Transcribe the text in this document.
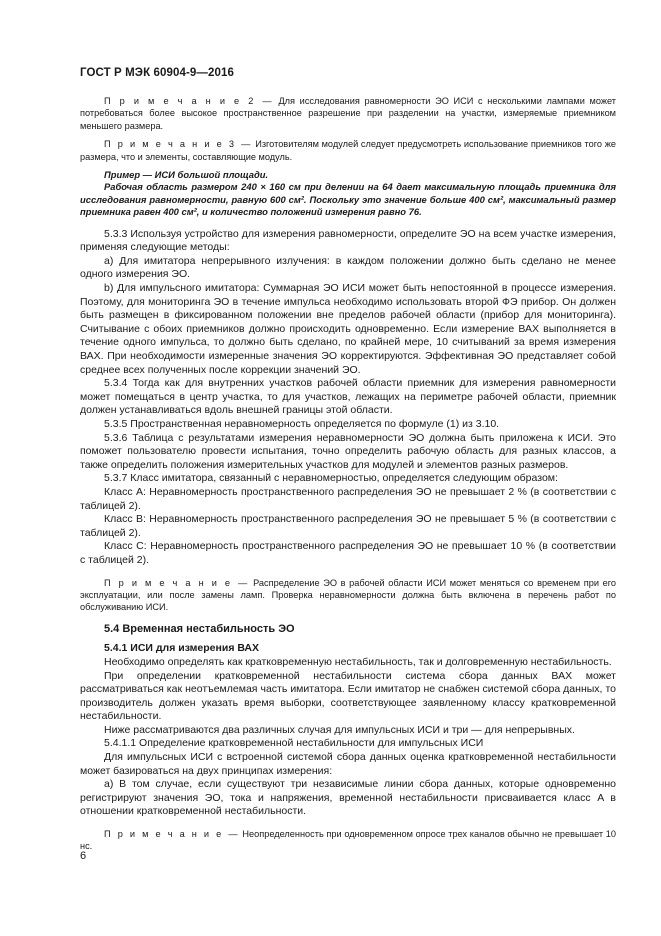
ГОСТ Р МЭК 60904-9—2016

П р и м е ч а н и е 2 — Для исследования равномерности ЭО ИСИ с несколькими лампами может потребоваться более высокое пространственное разрешение при разделении на участки, измеряемые приемником меньшего размера.

П р и м е ч а н и е 3 — Изготовителям модулей следует предусмотреть использование приемников того же размера, что и элементы, составляющие модуль.

Пример — ИСИ большой площади.

Рабочая область размером 240 × 160 см при делении на 64 дает максимальную площадь приемника для исследования равномерности, равную 600 см². Поскольку это значение больше 400 см², максимальный размер приемника равен 400 см², и количество положений измерения равно 76.

5.3.3 Используя устройство для измерения равномерности, определите ЭО на всем участке измерения, применяя следующие методы:

a) Для имитатора непрерывного излучения: в каждом положении должно быть сделано не менее одного измерения ЭО.

b) Для импульсного имитатора: Суммарная ЭО ИСИ может быть непостоянной в процессе измерения. Поэтому, для мониторинга ЭО в течение импульса необходимо использовать второй ФЭ прибор. Он должен быть размещен в фиксированном положении вне пределов рабочей области (прибор для мониторинга). Считывание с обоих приемников должно происходить одновременно. Если измерение ВАХ выполняется в течение одного импульса, то должно быть сделано, по крайней мере, 10 считываний за время измерения ВАХ. При необходимости измеренные значения ЭО корректируются. Эффективная ЭО представляет собой среднее всех полученных после коррекции значений ЭО.

5.3.4 Тогда как для внутренних участков рабочей области приемник для измерения равномерности может помещаться в центр участка, то для участков, лежащих на периметре рабочей области, приемник должен устанавливаться вдоль внешней границы этой области.

5.3.5 Пространственная неравномерность определяется по формуле (1) из 3.10.

5.3.6 Таблица с результатами измерения неравномерности ЭО должна быть приложена к ИСИ. Это поможет пользователю провести испытания, точно определить рабочую область для разных классов, а также определить положения измерительных участков для модулей и элементов разных размеров.

5.3.7 Класс имитатора, связанный с неравномерностью, определяется следующим образом:

Класс A: Неравномерность пространственного распределения ЭО не превышает 2 % (в соответствии с таблицей 2).

Класс B: Неравномерность пространственного распределения ЭО не превышает 5 % (в соответствии с таблицей 2).

Класс C: Неравномерность пространственного распределения ЭО не превышает 10 % (в соответствии с таблицей 2).

П р и м е ч а н и е — Распределение ЭО в рабочей области ИСИ может меняться со временем при его эксплуатации, или после замены ламп. Проверка неравномерности должна быть включена в перечень работ по обслуживанию ИСИ.

5.4 Временная нестабильность ЭО

5.4.1 ИСИ для измерения ВАХ

Необходимо определять как кратковременную нестабильность, так и долговременную нестабильность.

При определении кратковременной нестабильности система сбора данных ВАХ может рассматриваться как неотъемлемая часть имитатора. Если имитатор не снабжен системой сбора данных, то производитель должен указать время выборки, соответствующее заявленному классу кратковременной нестабильности.

Ниже рассматриваются два различных случая для импульсных ИСИ и три — для непрерывных.

5.4.1.1 Определение кратковременной нестабильности для импульсных ИСИ

Для импульсных ИСИ с встроенной системой сбора данных оценка кратковременной нестабильности может базироваться на двух принципах измерения:

a) В том случае, если существуют три независимые линии сбора данных, которые одновременно регистрируют значения ЭО, тока и напряжения, временной нестабильности присваивается класс A в отношении кратковременной нестабильности.

П р и м е ч а н и е — Неопределенность при одновременном опросе трех каналов обычно не превышает 10 нс.

6
